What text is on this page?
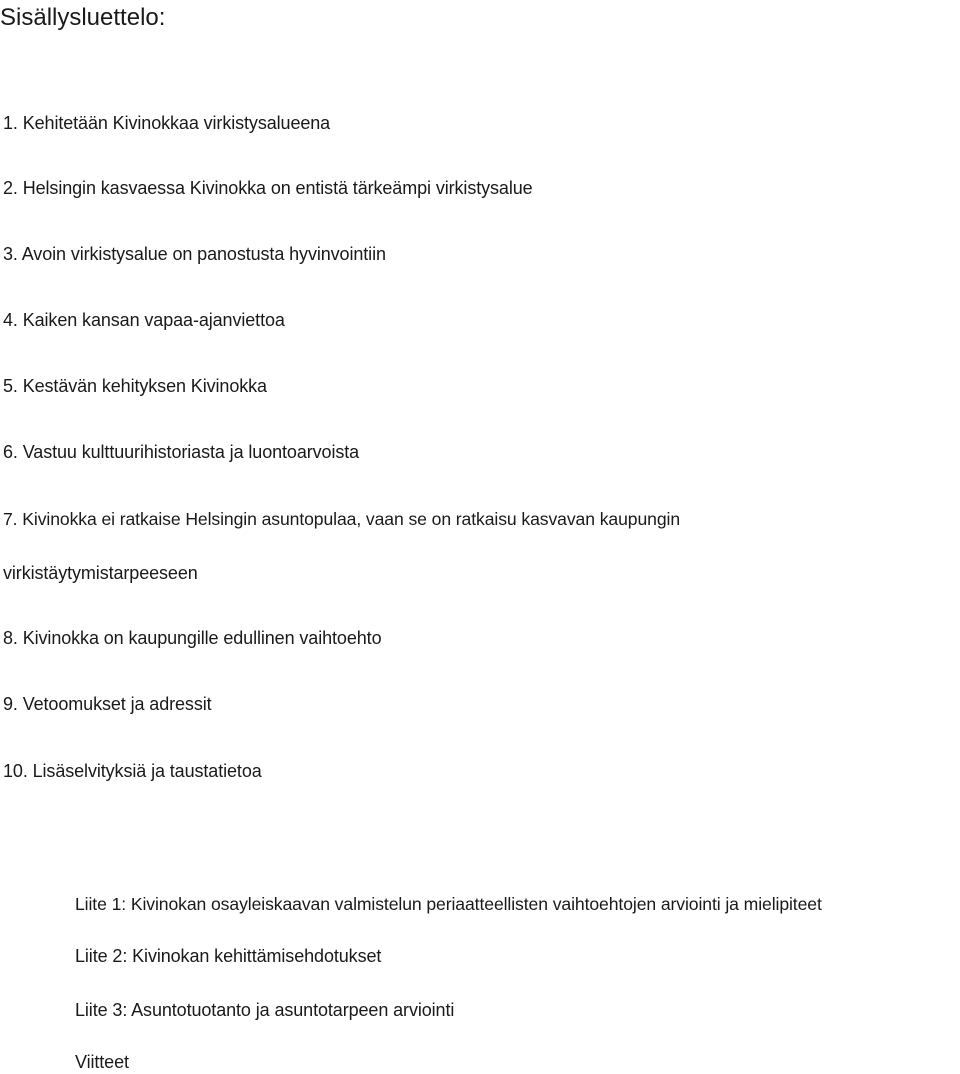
Sisällysluettelo:
1. Kehitetään Kivinokkaa virkistysalueena
2. Helsingin kasvaessa Kivinokka on entistä tärkeämpi virkistysalue
3. Avoin virkistysalue on panostusta hyvinvointiin
4. Kaiken kansan vapaa-ajanviettoa
5. Kestävän kehityksen Kivinokka
6. Vastuu kulttuurihistoriasta ja luontoarvoista
7. Kivinokka ei ratkaise Helsingin asuntopulaa, vaan se on ratkaisu kasvavan kaupungin
virkistäytymistarpeeseen
8. Kivinokka on kaupungille edullinen vaihtoehto
9. Vetoomukset ja adressit
10. Lisäselvityksiä ja taustatietoa
Liite 1: Kivinokan osayleiskaavan valmistelun periaatteellisten vaihtoehtojen arviointi ja mielipiteet
Liite 2: Kivinokan kehittämisehdotukset
Liite 3: Asuntotuotanto ja asuntotarpeen arviointi
Viitteet
